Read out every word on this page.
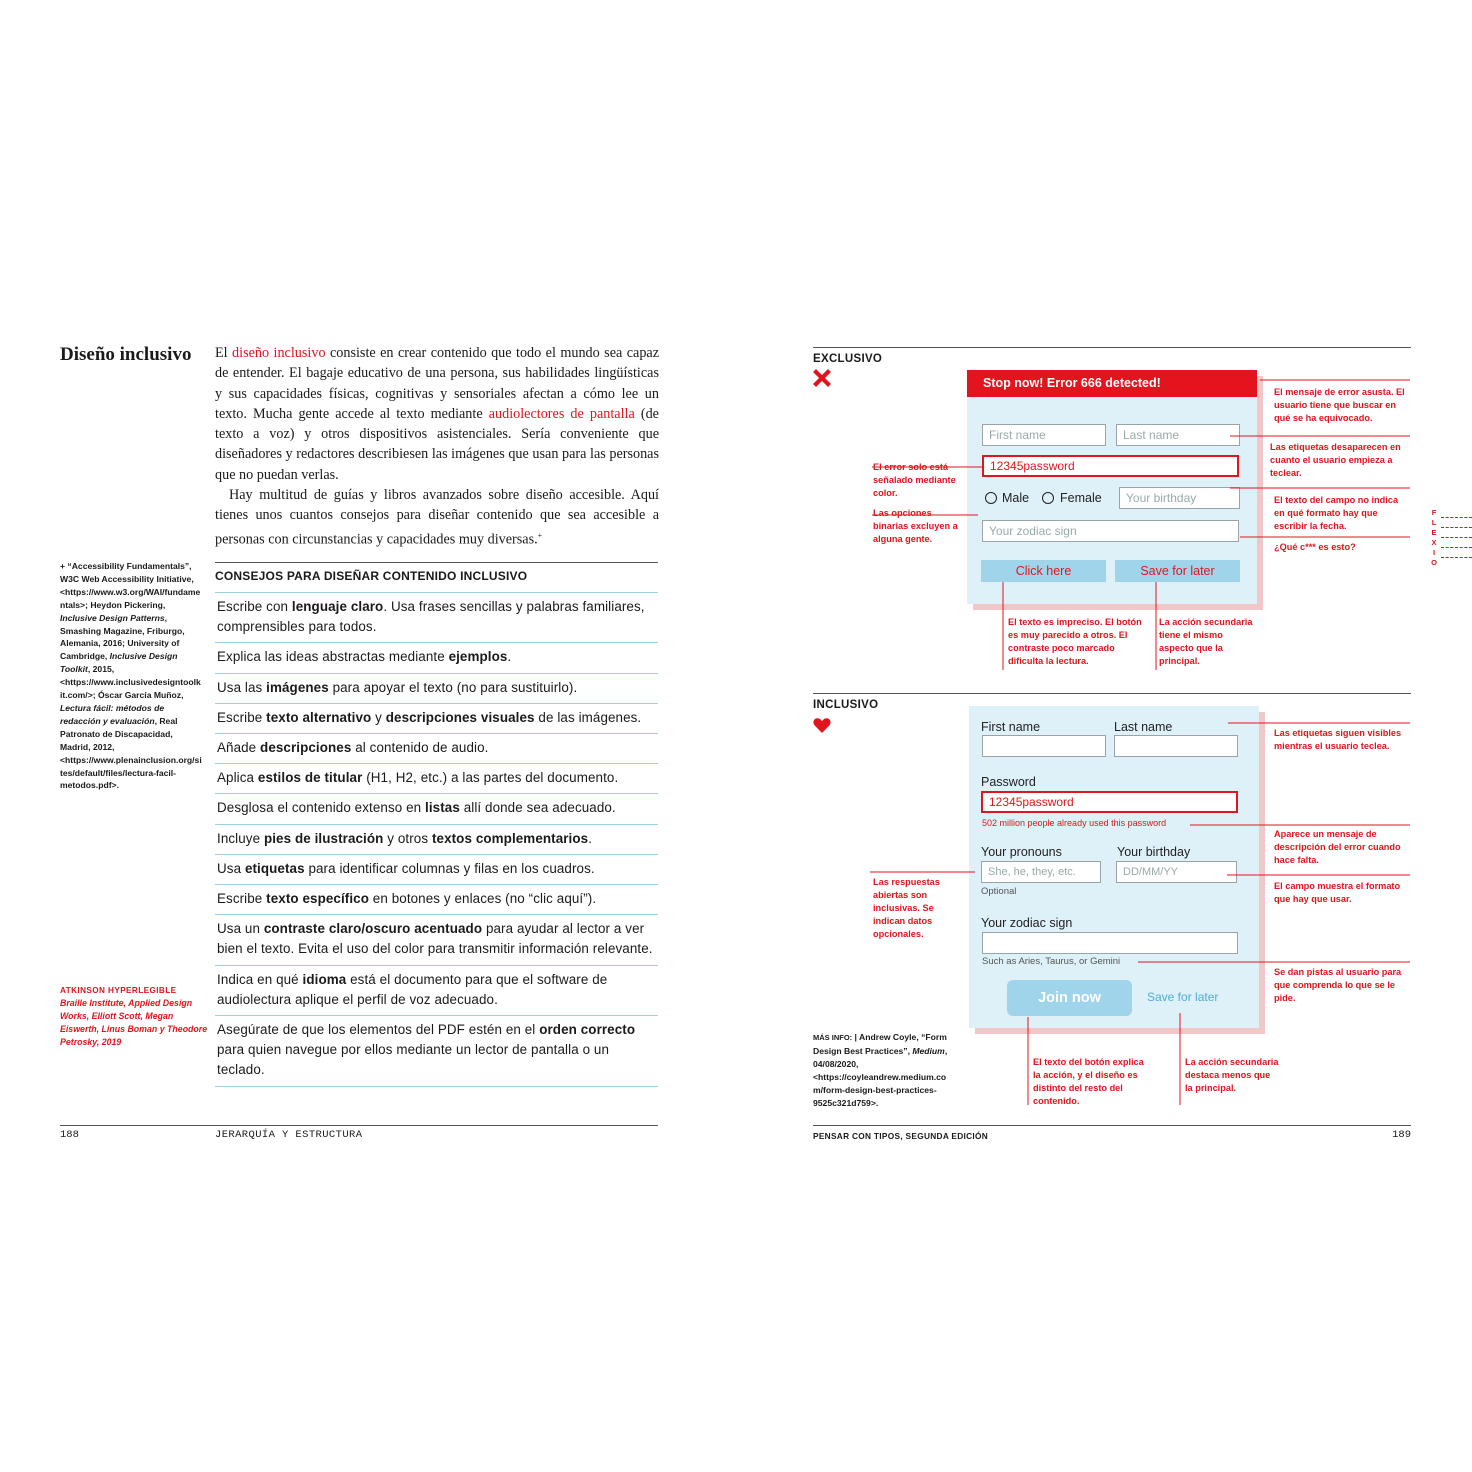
Diseño inclusivo	El diseño inclusivo consiste en crear contenido que todo el mundo sea capaz de entender. El bagaje educativo de una persona, sus habilidades lingüísticas y sus capacidades físicas, cognitivas y sensoriales afectan a cómo lee un texto. Mucha gente accede al texto mediante audiolectores de pantalla (de texto a voz) y otros dispositivos asistenciales. Sería conveniente que diseñadores y redactores describiesen las imágenes que usan para las personas que no puedan verlas.

Hay multitud de guías y libros avanzados sobre diseño accesible. Aquí tienes unos cuantos consejos para diseñar contenido que sea accesible a personas con circunstancias y capacidades muy diversas.+

+ “Accessibility Fundamentals”, W3C Web Accessibility Initiative, <https://www.w3.org/WAI/fundamentals>; Heydon Pickering, Inclusive Design Patterns, Smashing Magazine, Friburgo, Alemania, 2016; University of Cambridge, Inclusive Design Toolkit, 2015, <https://www.inclusivedesigntoolkit.com/>; Óscar García Muñoz, Lectura fácil: métodos de redacción y evaluación, Real Patronato de Discapacidad, Madrid, 2012, <https://www.plenainclusion.org/sites/default/files/lectura-facil-metodos.pdf>.
ATKINSON HYPERLEGIBLE
Braille Institute, Applied Design Works, Elliott Scott, Megan Eiswerth, Linus Boman y Theodore Petrosky, 2019
CONSEJOS PARA DISEÑAR CONTENIDO INCLUSIVO
Escribe con lenguaje claro. Usa frases sencillas y palabras familiares, comprensibles para todos.
Explica las ideas abstractas mediante ejemplos.
Usa las imágenes para apoyar el texto (no para sustituirlo).
Escribe texto alternativo y descripciones visuales de las imágenes.
Añade descripciones al contenido de audio.
Aplica estilos de titular (H1, H2, etc.) a las partes del documento.
Desglosa el contenido extenso en listas allí donde sea adecuado.
Incluye pies de ilustración y otros textos complementarios.
Usa etiquetas para identificar columnas y filas en los cuadros.
Escribe texto específico en botones y enlaces (no “clic aquí”).
Usa un contraste claro/oscuro acentuado para ayudar al lector a ver bien el texto. Evita el uso del color para transmitir información relevante.
Indica en qué idioma está el documento para que el software de audiolectura aplique el perfil de voz adecuado.
Asegúrate de que los elementos del PDF estén en el orden correcto para quien navegue por ellos mediante un lector de pantalla o un teclado.
188	JERARQUÍA Y ESTRUCTURA
EXCLUSIVO
Stop now! Error 666 detected!
First name	Last name
12345password
Male Female	Your birthday
Your zodiac sign
Click here	Save for later
El mensaje de error asusta. El usuario tiene que buscar en qué se ha equivocado.
Las etiquetas desaparecen en cuanto el usuario empieza a teclear.
El error solo está señalado mediante color.
El texto del campo no indica en qué formato hay que escribir la fecha.
Las opciones binarias excluyen a alguna gente.
¿Qué c*** es esto?
El texto es impreciso. El botón es muy parecido a otros. El contraste poco marcado dificulta la lectura.
La acción secundaria tiene el mismo aspecto que la principal.
F
L
E
X
I
O
INCLUSIVO
First name	Last name
Password
12345password
502 million people already used this password
Your pronouns	Your birthday
She, he, they, etc.	DD/MM/YY
Optional
Your zodiac sign
Such as Aries, Taurus, or Gemini
Join now	Save for later
Las etiquetas siguen visibles mientras el usuario teclea.
Aparece un mensaje de descripción del error cuando hace falta.
Las respuestas abiertas son inclusivas. Se indican datos opcionales.
El campo muestra el formato que hay que usar.
Se dan pistas al usuario para que comprenda lo que se le pide.
El texto del botón explica la acción, y el diseño es distinto del resto del contenido.
La acción secundaria destaca menos que la principal.
MÁS INFO: | Andrew Coyle, “Form Design Best Practices”, Medium, 04/08/2020, <https://coyleandrew.medium.com/form-design-best-practices-9525c321d759>.
PENSAR CON TIPOS, SEGUNDA EDICIÓN	189
